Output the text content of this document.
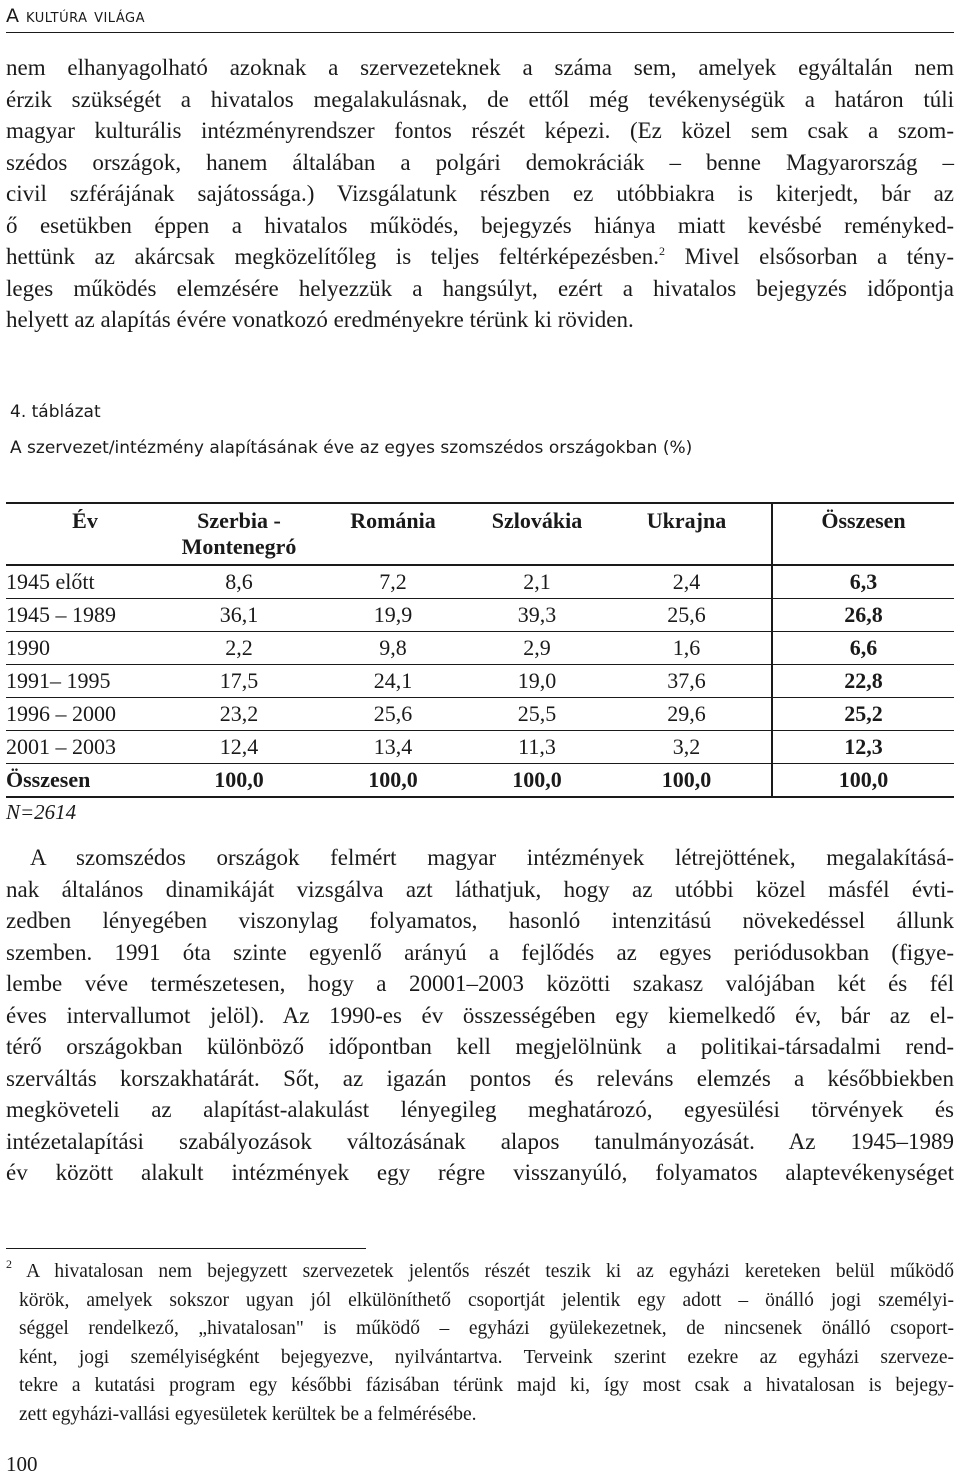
A kultúra világa
nem elhanyagolható azoknak a szervezeteknek a száma sem, amelyek egyáltalán nem
érzik szükségét a hivatalos megalakulásnak, de ettől még tevékenységük a határon túli
magyar kulturális intézményrendszer fontos részét képezi. (Ez közel sem csak a szom-
szédos országok, hanem általában a polgári demokráciák – benne Magyarország –
civil szférájának sajátossága.) Vizsgálatunk részben ez utóbbiakra is kiterjedt, bár az
ő esetükben éppen a hivatalos működés, bejegyzés hiánya miatt kevésbé reményked-
hettünk az akárcsak megközelítőleg is teljes feltérképezésben.$^2$ Mivel elsősorban a tény-
leges működés elemzésére helyezzük a hangsúlyt, ezért a hivatalos bejegyzés időpontja
helyett az alapítás évére vonatkozó eredményekre térünk ki röviden.
4. táblázat
A szervezet/intézmény alapításának éve az egyes szomszédos országokban (%)
Év	Szerbia - Montenegró	Románia	Szlovákia	Ukrajna	Összesen
1945 előtt	8,6	7,2	2,1	2,4	6,3
1945 – 1989	36,1	19,9	39,3	25,6	26,8
1990	2,2	9,8	2,9	1,6	6,6
1991– 1995	17,5	24,1	19,0	37,6	22,8
1996 – 2000	23,2	25,6	25,5	29,6	25,2
2001 – 2003	12,4	13,4	11,3	3,2	12,3
Összesen	100,0	100,0	100,0	100,0	100,0
N=2614
A szomszédos országok felmért magyar intézmények létrejöttének, megalakításá-
nak általános dinamikáját vizsgálva azt láthatjuk, hogy az utóbbi közel másfél évti-
zedben lényegében viszonylag folyamatos, hasonló intenzitású növekedéssel állunk
szemben. 1991 óta szinte egyenlő arányú a fejlődés az egyes periódusokban (figye-
lembe véve természetesen, hogy a 20001–2003 közötti szakasz valójában két és fél
éves intervallumot jelöl). Az 1990-es év összességében egy kiemelkedő év, bár az el-
térő országokban különböző időpontban kell megjelölnünk a politikai-társadalmi rend-
szerváltás korszakhatárát. Sőt, az igazán pontos és releváns elemzés a későbbiekben
megköveteli az alapítást-alakulást lényegileg meghatározó, egyesülési törvények és
intézetalapítási szabályozások változásának alapos tanulmányozását. Az 1945–1989
év között alakult intézmények egy régre visszanyúló, folyamatos alaptevékenységet
$^2$ A hivatalosan nem bejegyzett szervezetek jelentős részét teszik ki az egyházi kereteken belül működő
körök, amelyek sokszor ugyan jól elkülöníthető csoportját jelentik egy adott – önálló jogi személyi-
séggel rendelkező, „hivatalosan" is működő – egyházi gyülekezetnek, de nincsenek önálló csoport-
ként, jogi személyiségként bejegyezve, nyilvántartva. Terveink szerint ezekre az egyházi szerveze-
tekre a kutatási program egy későbbi fázisában térünk majd ki, így most csak a hivatalosan is bejegy-
zett egyházi-vallási egyesületek kerültek be a felmérésébe.
100
